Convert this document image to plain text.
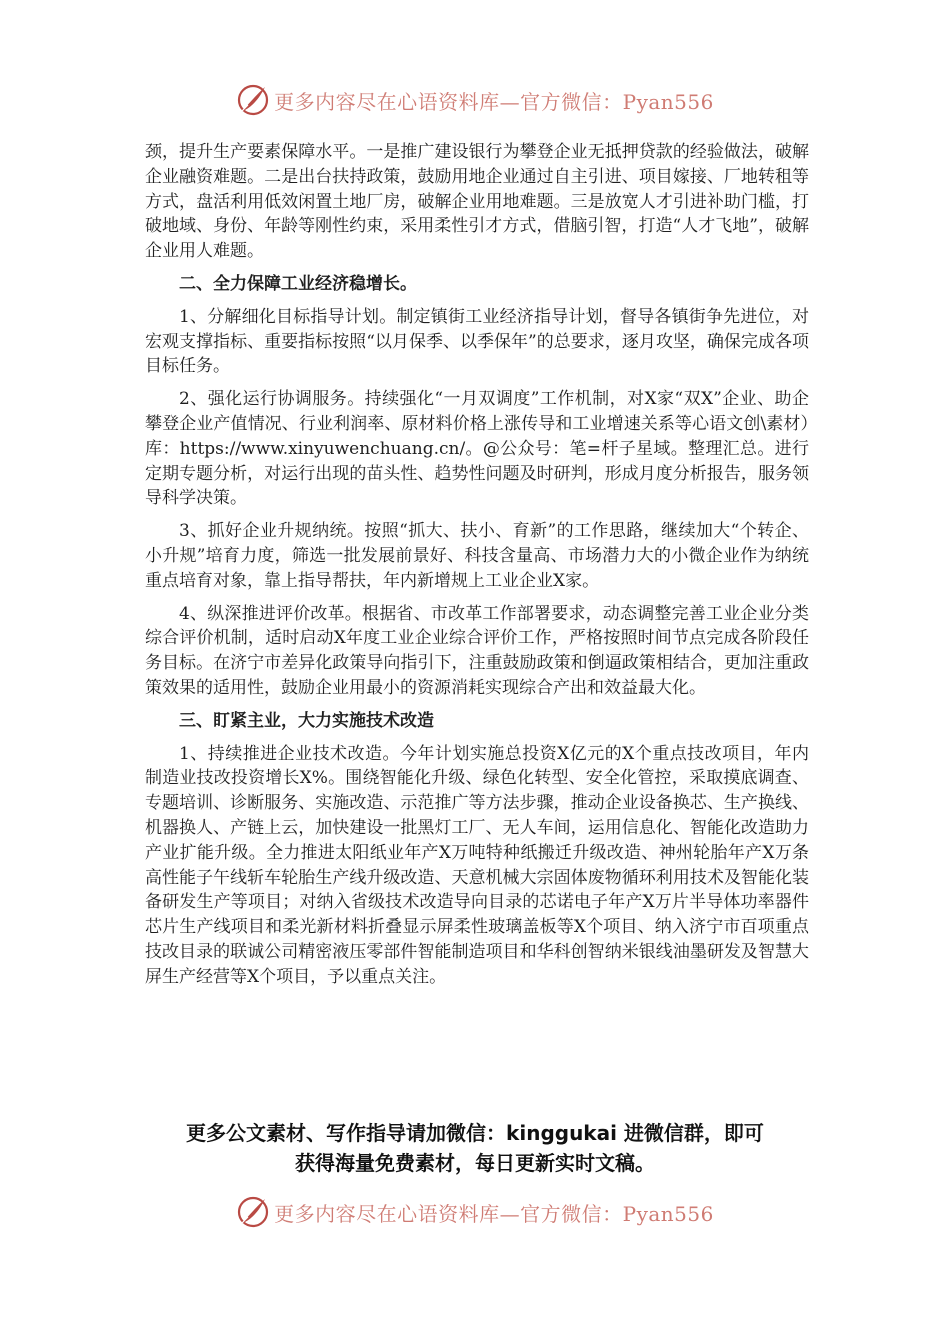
更多内容尽在心语资料库—官方微信：Pyan556

颈，提升生产要素保障水平。一是推广建设银行为攀登企业无抵押贷款的经验做法，破解企业融资难题。二是出台扶持政策，鼓励用地企业通过自主引进、项目嫁接、厂地转租等方式，盘活利用低效闲置土地厂房，破解企业用地难题。三是放宽人才引进补助门槛，打破地域、身份、年龄等刚性约束，采用柔性引才方式，借脑引智，打造“人才飞地”，破解企业用人难题。

二、全力保障工业经济稳增长。

1、分解细化目标指导计划。制定镇街工业经济指导计划，督导各镇街争先进位，对宏观支撑指标、重要指标按照“以月保季、以季保年”的总要求，逐月攻坚，确保完成各项目标任务。

2、强化运行协调服务。持续强化“一月双调度”工作机制，对X家“双X”企业、助企攀登企业产值情况、行业利润率、原材料价格上涨传导和工业增速关系等心语文创\素材）库：https://www.xinyuwenchuang.cn/。@公众号：笔=杆子星域。整理汇总。进行定期专题分析，对运行出现的苗头性、趋势性问题及时研判，形成月度分析报告，服务领导科学决策。

3、抓好企业升规纳统。按照“抓大、扶小、育新”的工作思路，继续加大“个转企、小升规”培育力度，筛选一批发展前景好、科技含量高、市场潜力大的小微企业作为纳统重点培育对象，靠上指导帮扶，年内新增规上工业企业X家。

4、纵深推进评价改革。根据省、市改革工作部署要求，动态调整完善工业企业分类综合评价机制，适时启动X年度工业企业综合评价工作，严格按照时间节点完成各阶段任务目标。在济宁市差异化政策导向指引下，注重鼓励政策和倒逼政策相结合，更加注重政策效果的适用性，鼓励企业用最小的资源消耗实现综合产出和效益最大化。

三、盯紧主业，大力实施技术改造

1、持续推进企业技术改造。今年计划实施总投资X亿元的X个重点技改项目，年内制造业技改投资增长X%。围绕智能化升级、绿色化转型、安全化管控，采取摸底调查、专题培训、诊断服务、实施改造、示范推广等方法步骤，推动企业设备换芯、生产换线、机器换人、产链上云，加快建设一批黑灯工厂、无人车间，运用信息化、智能化改造助力产业扩能升级。全力推进太阳纸业年产X万吨特种纸搬迁升级改造、神州轮胎年产X万条高性能子午线斩车轮胎生产线升级改造、天意机械大宗固体废物循环利用技术及智能化装备研发生产等项目；对纳入省级技术改造导向目录的芯诺电子年产X万片半导体功率器件芯片生产线项目和柔光新材料折叠显示屏柔性玻璃盖板等X个项目、纳入济宁市百项重点技改目录的联诚公司精密液压零部件智能制造项目和华科创智纳米银线油墨研发及智慧大屏生产经营等X个项目，予以重点关注。

更多公文素材、写作指导请加微信：kinggukai 进微信群，即可
获得海量免费素材，每日更新实时文稿。
更多内容尽在心语资料库—官方微信：Pyan556
